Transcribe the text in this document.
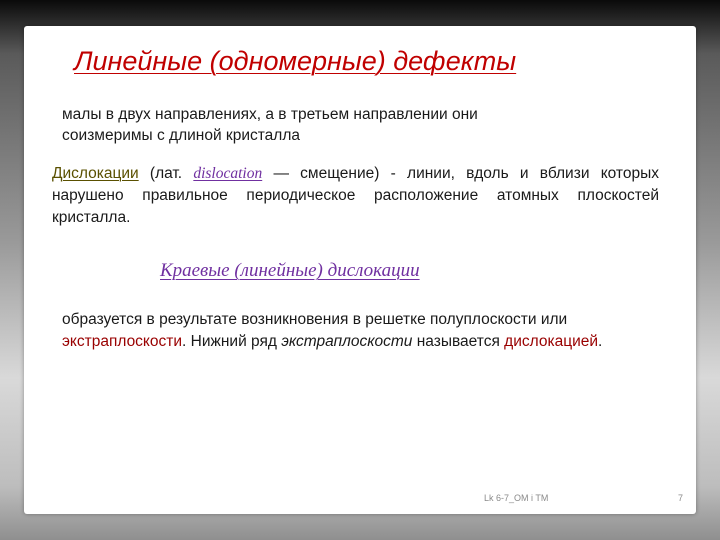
Линейные (одномерные) дефекты
малы в двух направлениях, а в третьем направлении они
соизмеримы с длиной кристалла
Дислокации (лат. dislocation — смещение) - линии, вдоль и вблизи которых нарушено правильное периодическое расположение атомных плоскостей кристалла.
Краевые (линейные) дислокации
образуется в результате возникновения в решетке полуплоскости или экстраплоскости. Нижний ряд экстраплоскости называется дислокацией.
Lk 6-7_OM i TM	7
